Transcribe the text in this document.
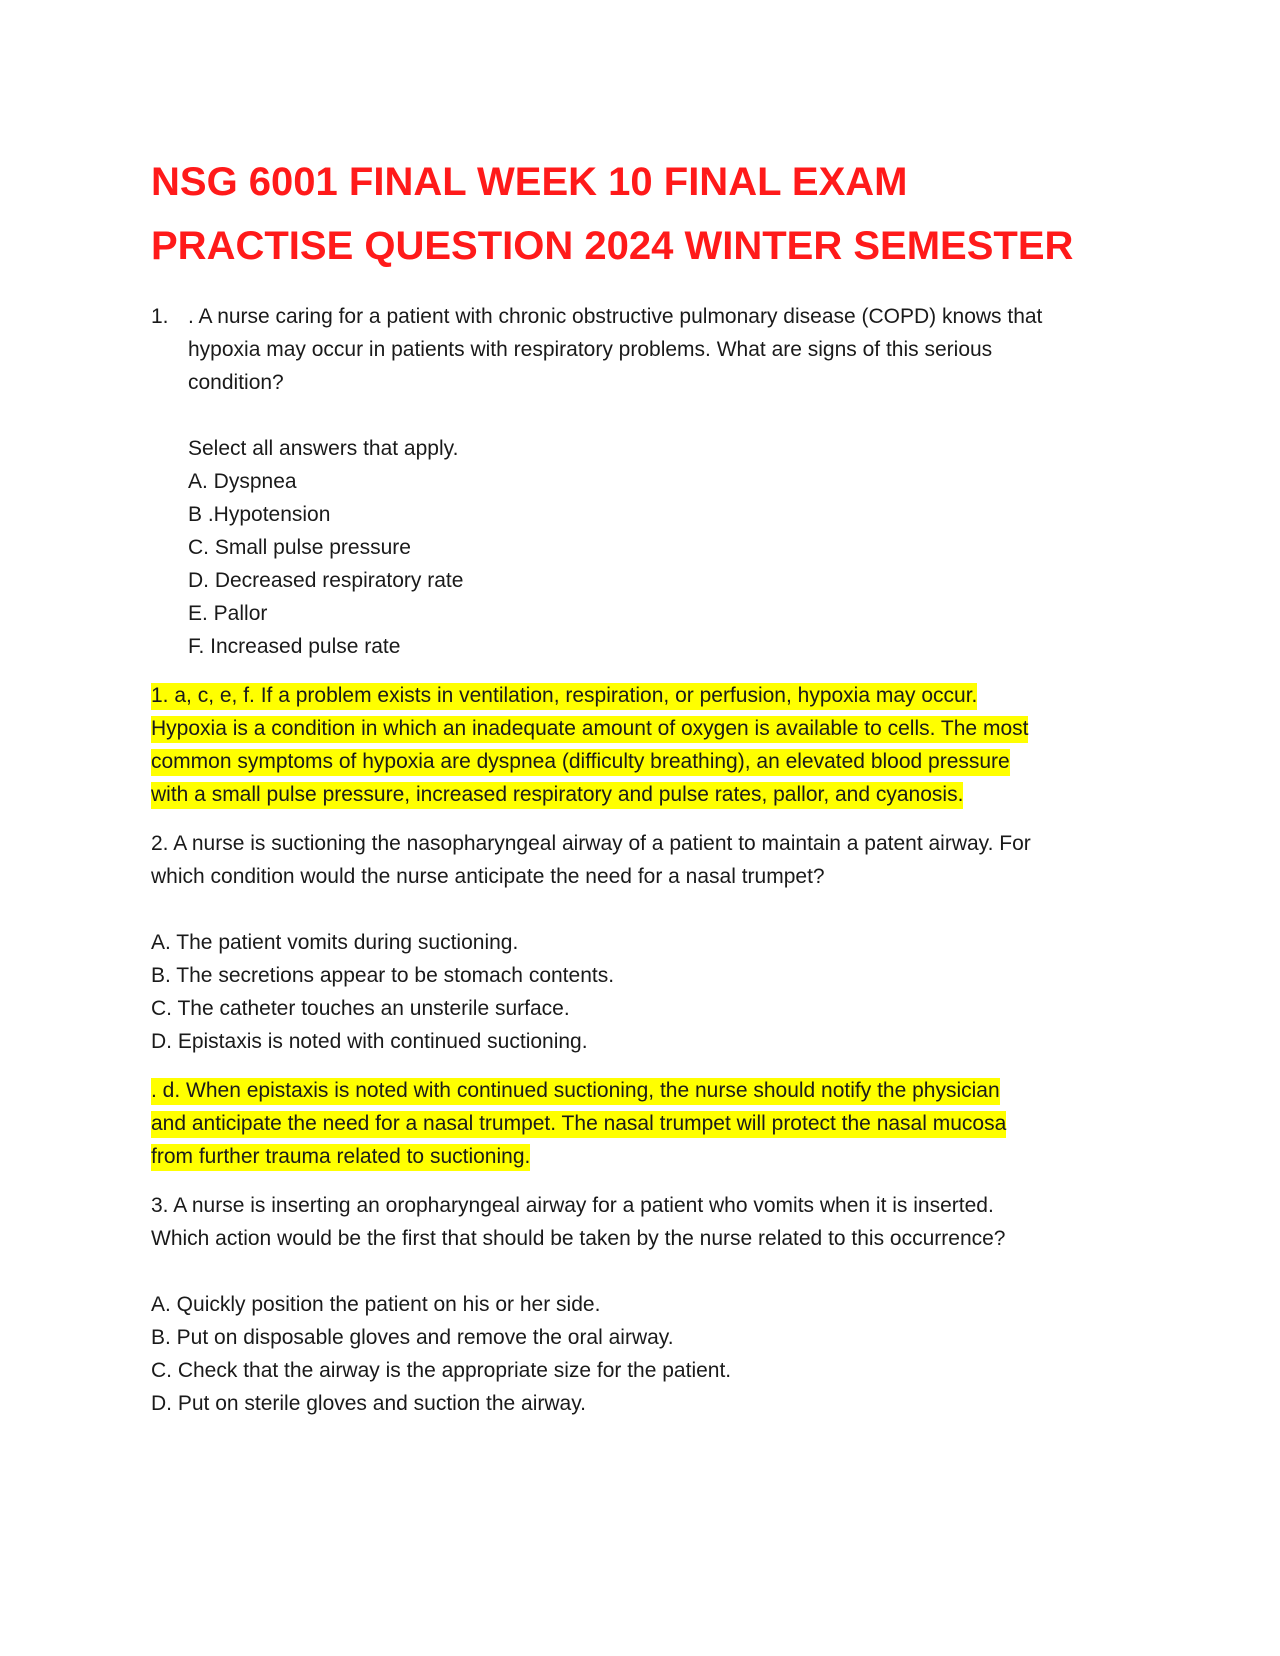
NSG 6001 FINAL WEEK 10 FINAL EXAM
PRACTISE QUESTION 2024 WINTER SEMESTER
1. . A nurse caring for a patient with chronic obstructive pulmonary disease (COPD) knows that
hypoxia may occur in patients with respiratory problems. What are signs of this serious
condition?
Select all answers that apply.
A. Dyspnea
B .Hypotension
C. Small pulse pressure
D. Decreased respiratory rate
E. Pallor
F. Increased pulse rate
1. a, c, e, f. If a problem exists in ventilation, respiration, or perfusion, hypoxia may occur.
Hypoxia is a condition in which an inadequate amount of oxygen is available to cells. The most
common symptoms of hypoxia are dyspnea (difficulty breathing), an elevated blood pressure
with a small pulse pressure, increased respiratory and pulse rates, pallor, and cyanosis.
2. A nurse is suctioning the nasopharyngeal airway of a patient to maintain a patent airway. For
which condition would the nurse anticipate the need for a nasal trumpet?
A. The patient vomits during suctioning.
B. The secretions appear to be stomach contents.
C. The catheter touches an unsterile surface.
D. Epistaxis is noted with continued suctioning.
. d. When epistaxis is noted with continued suctioning, the nurse should notify the physician
and anticipate the need for a nasal trumpet. The nasal trumpet will protect the nasal mucosa
from further trauma related to suctioning.
3. A nurse is inserting an oropharyngeal airway for a patient who vomits when it is inserted.
Which action would be the first that should be taken by the nurse related to this occurrence?
A. Quickly position the patient on his or her side.
B. Put on disposable gloves and remove the oral airway.
C. Check that the airway is the appropriate size for the patient.
D. Put on sterile gloves and suction the airway.
